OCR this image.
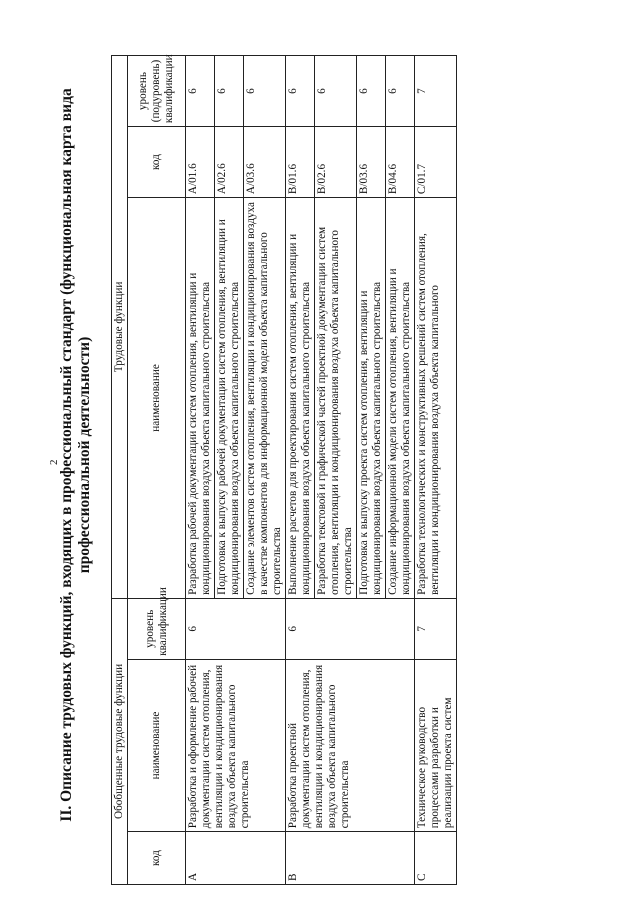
2
II. Описание трудовых функций, входящих в профессиональный стандарт (функциональная карта вида профессиональной деятельности)
Обобщенные трудовые функции			Трудовые функции		
код	наименование	уровень квалификации	наименование	код	уровень (подуровень) квалификации
A	Разработка и оформление рабочей документации систем отопления, вентиляции и кондиционирования воздуха объекта капитального строительства	6	Разработка рабочей документации систем отопления, вентиляции и кондиционирования воздуха объекта капитального строительства	A/01.6	6
			Подготовка к выпуску рабочей документации систем отопления, вентиляции и кондиционирования воздуха объекта капитального строительства	A/02.6	6
			Создание элементов систем отопления, вентиляции и кондиционирования воздуха в качестве компонентов для информационной модели объекта капитального строительства	A/03.6	6
B	Разработка проектной документации систем отопления, вентиляции и кондиционирования воздуха объекта капитального строительства	6	Выполнение расчетов для проектирования систем отопления, вентиляции и кондиционирования воздуха объекта капитального строительства	B/01.6	6
			Разработка текстовой и графической частей проектной документации систем отопления, вентиляции и кондиционирования воздуха объекта капитального строительства	B/02.6	6
			Подготовка к выпуску проекта систем отопления, вентиляции и кондиционирования воздуха объекта капитального строительства	B/03.6	6
			Создание информационной модели систем отопления, вентиляции и кондиционирования воздуха объекта капитального строительства	B/04.6	6
C	Техническое руководство процессами разработки и реализации проекта систем	7	Разработка технологических и конструктивных решений систем отопления, вентиляции и кондиционирования воздуха объекта капитального	C/01.7	7
